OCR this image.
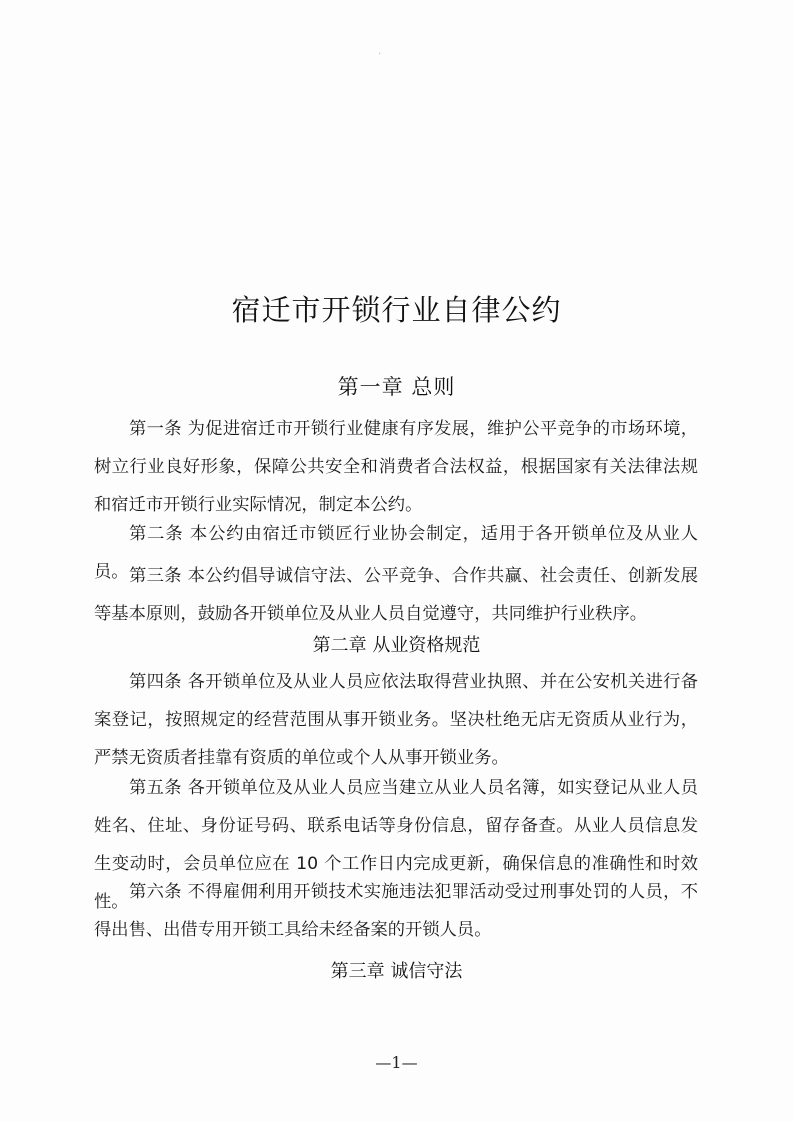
'
宿迁市开锁行业自律公约
第一章 总则

第一条 为促进宿迁市开锁行业健康有序发展，维护公平竞争的市场环境，树立行业良好形象，保障公共安全和消费者合法权益，根据国家有关法律法规和宿迁市开锁行业实际情况，制定本公约。

第二条 本公约由宿迁市锁匠行业协会制定，适用于各开锁单位及从业人员。 第三条 本公约倡导诚信守法、公平竞争、合作共赢、社会责任、创新发展等基本原则，鼓励各开锁单位及从业人员自觉遵守，共同维护行业秩序。

第二章 从业资格规范

第四条 各开锁单位及从业人员应依法取得营业执照、并在公安机关进行备案登记，按照规定的经营范围从事开锁业务。坚决杜绝无店无资质从业行为，严禁无资质者挂靠有资质的单位或个人从事开锁业务。

第五条 各开锁单位及从业人员应当建立从业人员名簿，如实登记从业人员姓名、住址、身份证号码、联系电话等身份信息，留存备查。从业人员信息发生变动时，会员单位应在 10 个工作日内完成更新，确保信息的准确性和时效性。 第六条 不得雇佣利用开锁技术实施违法犯罪活动受过刑事处罚的人员，不得出售、出借专用开锁工具给未经备案的开锁人员。

第三章 诚信守法
—1—
